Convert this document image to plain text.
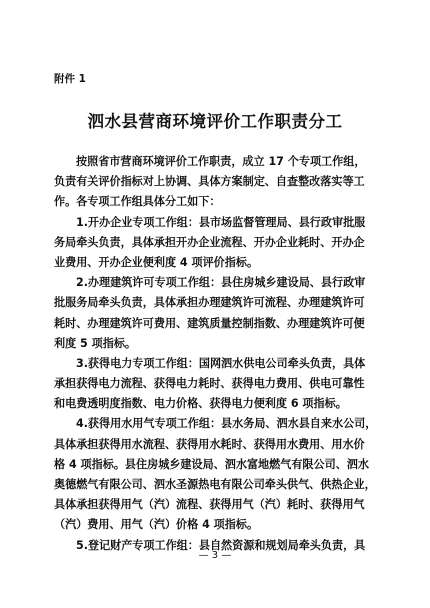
附件 1
泗水县营商环境评价工作职责分工
按照省市营商环境评价工作职责，成立 17 个专项工作组，
负责有关评价指标对上协调、具体方案制定、自查整改落实等工
作。各专项工作组具体分工如下：
1.开办企业专项工作组：县市场监督管理局、县行政审批服
务局牵头负责，具体承担开办企业流程、开办企业耗时、开办企
业费用、开办企业便利度 4 项评价指标。
2.办理建筑许可专项工作组：县住房城乡建设局、县行政审
批服务局牵头负责，具体承担办理建筑许可流程、办理建筑许可
耗时、办理建筑许可费用、建筑质量控制指数、办理建筑许可便
利度 5 项指标。
3.获得电力专项工作组：国网泗水供电公司牵头负责，具体
承担获得电力流程、获得电力耗时、获得电力费用、供电可靠性
和电费透明度指数、电力价格、获得电力便利度 6 项指标。
4.获得用水用气专项工作组：县水务局、泗水县自来水公司，
具体承担获得用水流程、获得用水耗时、获得用水费用、用水价
格 4 项指标。县住房城乡建设局、泗水富地燃气有限公司、泗水
奥德燃气有限公司、泗水圣源热电有限公司牵头供气、供热企业，
具体承担获得用气（汽）流程、获得用气（汽）耗时、获得用气
（汽）费用、用气（汽）价格 4 项指标。
5.登记财产专项工作组：县自然资源和规划局牵头负责，具
— 3 —
